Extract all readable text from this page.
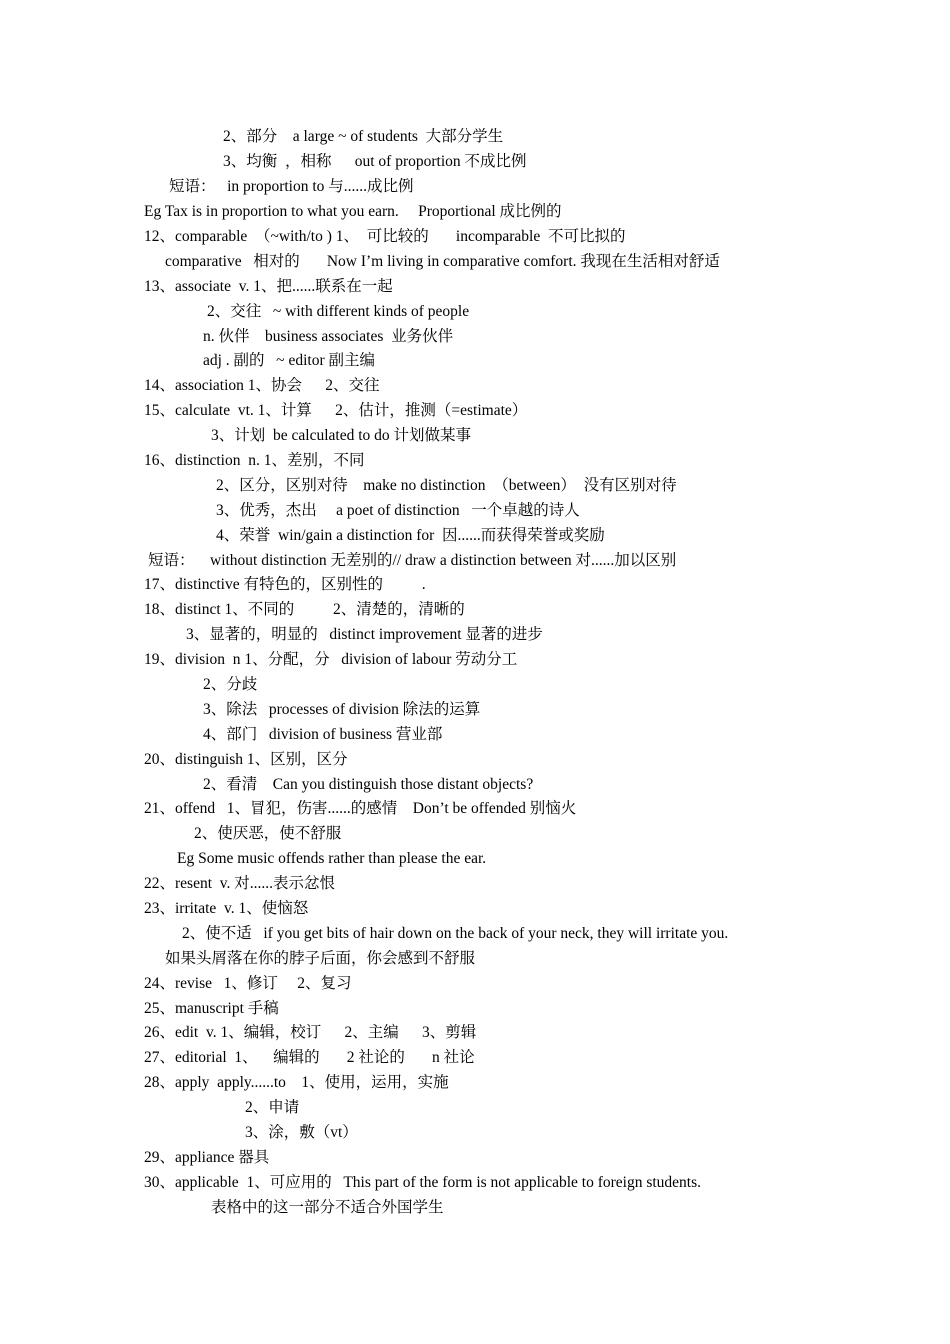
2、部分    a large ~ of students  大部分学生
3、均衡  ，相称      out of proportion 不成比例
短语：   in proportion to 与......成比例
Eg Tax is in proportion to what you earn.     Proportional 成比例的
12、comparable  （~with/to ) 1、  可比较的       incomparable  不可比拟的
comparative   相对的       Now I’m living in comparative comfort. 我现在生活相对舒适
13、associate  v. 1、把......联系在一起
2、交往   ~ with different kinds of people
n. 伙伴    business associates  业务伙伴
adj . 副的   ~ editor 副主编
14、association 1、协会      2、交往
15、calculate  vt. 1、计算      2、估计，推测（=estimate）
3、计划  be calculated to do 计划做某事
16、distinction  n. 1、差别，不同
2、区分，区别对待    make no distinction  （between）  没有区别对待
3、优秀，杰出     a poet of distinction   一个卓越的诗人
4、荣誉  win/gain a distinction for  因......而获得荣誉或奖励
短语：    without distinction 无差别的// draw a distinction between 对......加以区别
17、distinctive 有特色的，区别性的          .
18、distinct 1、不同的          2、清楚的，清晰的
3、显著的，明显的   distinct improvement 显著的进步
19、division  n 1、分配，分   division of labour 劳动分工
2、分歧
3、除法   processes of division 除法的运算
4、部门   division of business 营业部
20、distinguish 1、区别，区分
2、看清    Can you distinguish those distant objects?
21、offend   1、冒犯，伤害......的感情    Don’t be offended 别恼火
2、使厌恶，使不舒服
Eg Some music offends rather than please the ear.
22、resent  v. 对......表示忿恨
23、irritate  v. 1、使恼怒
2、使不适   if you get bits of hair down on the back of your neck, they will irritate you.
如果头屑落在你的脖子后面，你会感到不舒服
24、revise   1、修订     2、复习
25、manuscript 手稿
26、edit  v. 1、编辑，校订      2、主编      3、剪辑
27、editorial  1、    编辑的       2 社论的       n 社论
28、apply  apply......to    1、使用，运用，实施
2、申请
3、涂，敷（vt）
29、appliance 器具
30、applicable  1、可应用的   This part of the form is not applicable to foreign students.
表格中的这一部分不适合外国学生
